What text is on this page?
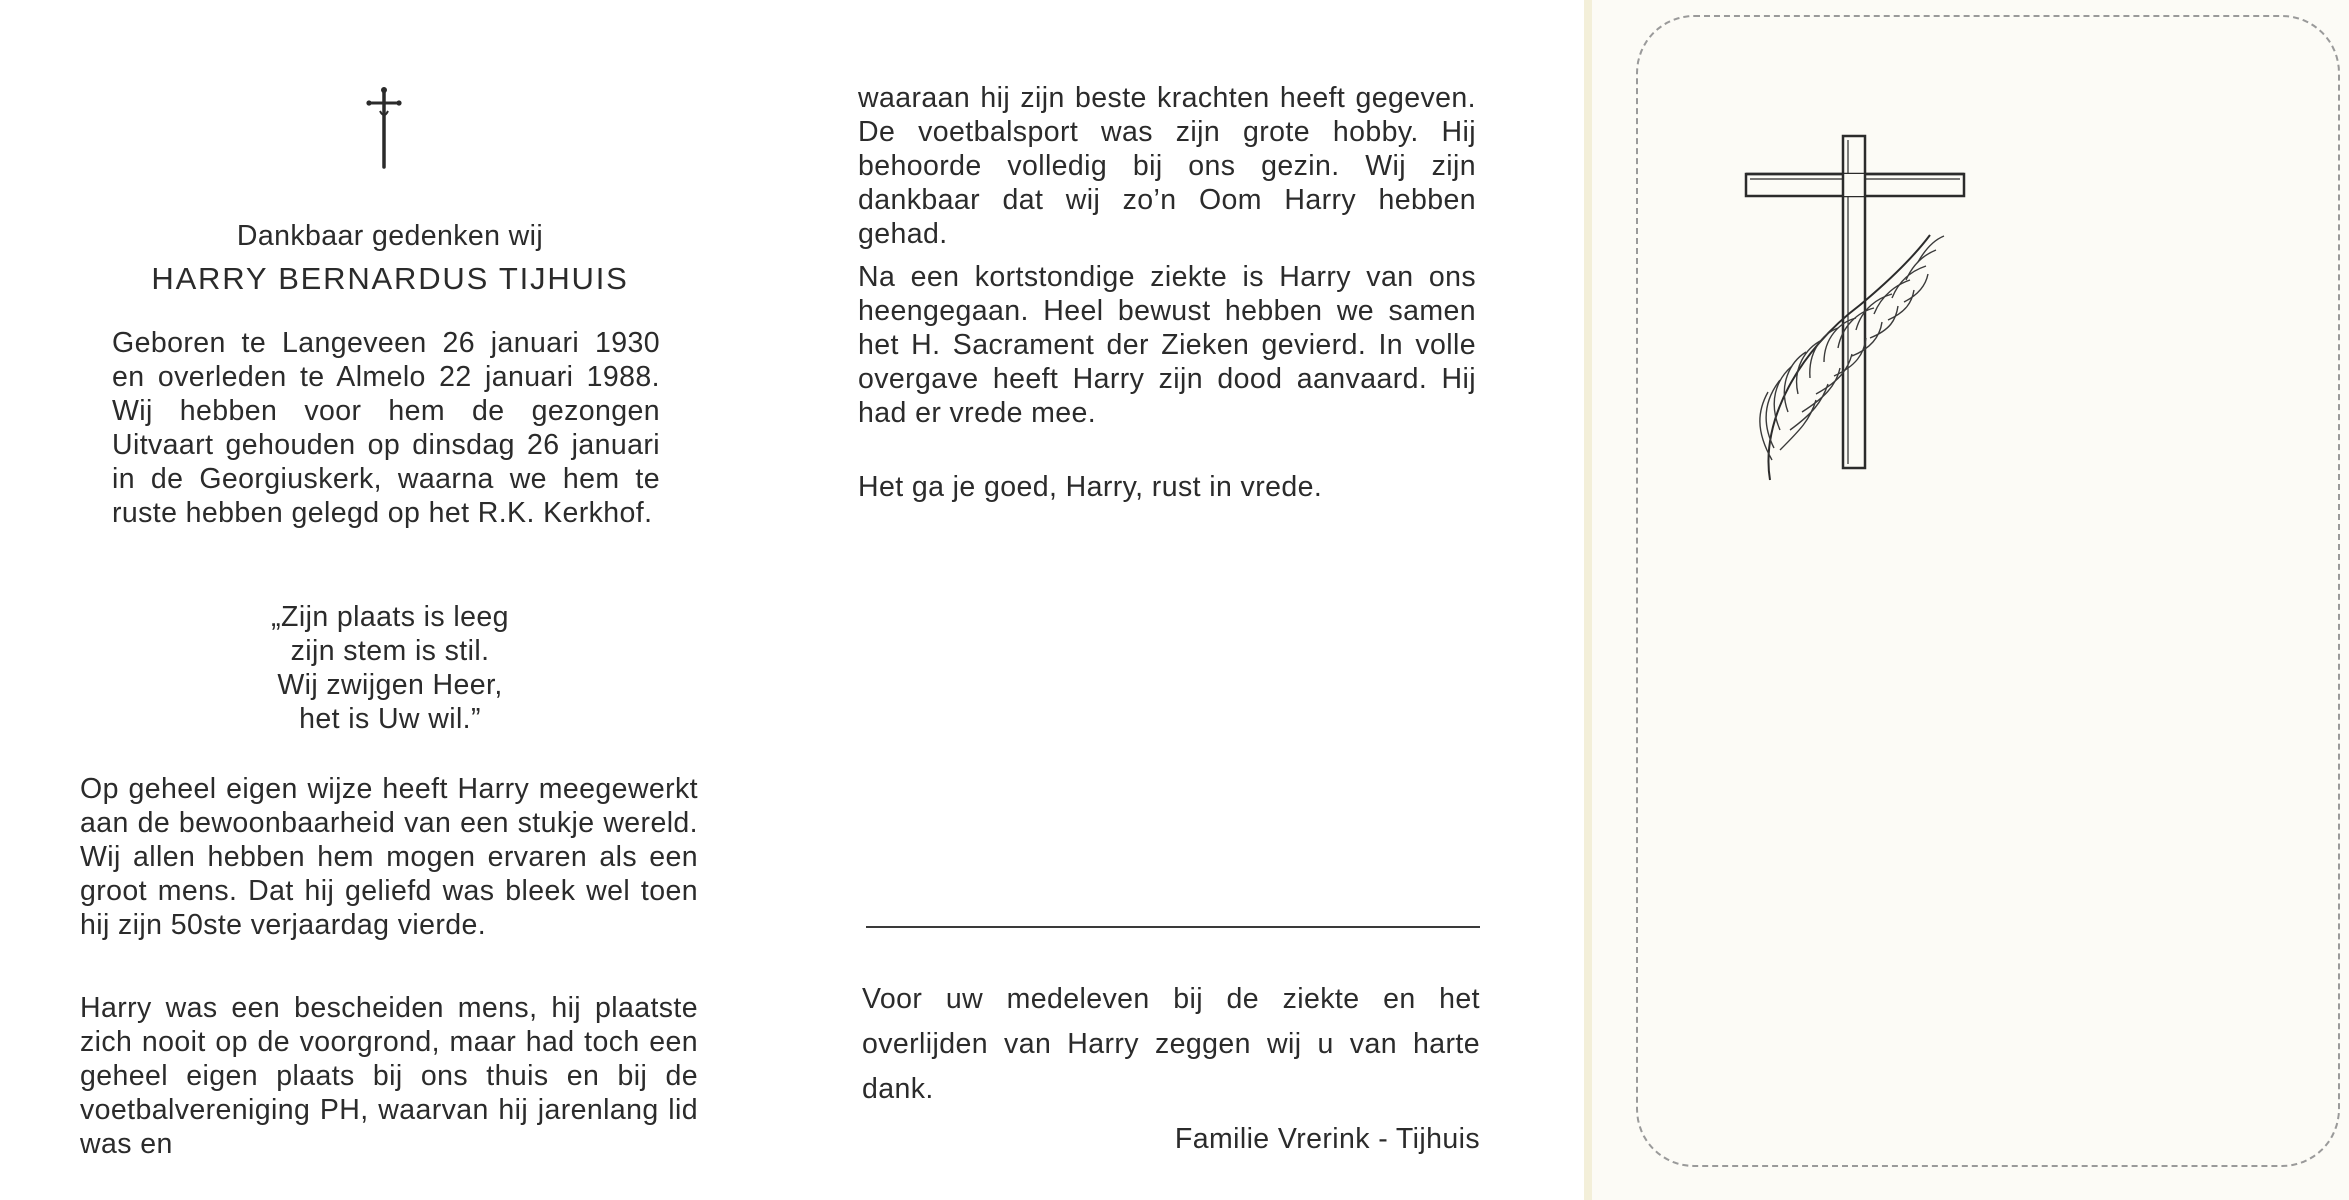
Dankbaar gedenken wij
HARRY BERNARDUS TIJHUIS
Geboren te Langeveen 26 januari 1930 en overleden te Almelo 22 januari 1988. Wij hebben voor hem de gezongen Uitvaart gehouden op dinsdag 26 januari in de Georgiuskerk, waarna we hem te ruste hebben gelegd op het R.K. Kerkhof.
„Zijn plaats is leeg
zijn stem is stil.
Wij zwijgen Heer,
het is Uw wil.”
Op geheel eigen wijze heeft Harry meegewerkt aan de bewoonbaarheid van een stukje wereld. Wij allen hebben hem mogen ervaren als een groot mens. Dat hij geliefd was bleek wel toen hij zijn 50ste verjaardag vierde.
Harry was een bescheiden mens, hij plaatste zich nooit op de voorgrond, maar had toch een geheel eigen plaats bij ons thuis en bij de voetbalvereniging PH, waarvan hij jarenlang lid was en
waaraan hij zijn beste krachten heeft gegeven. De voetbalsport was zijn grote hobby. Hij behoorde volledig bij ons gezin. Wij zijn dankbaar dat wij zo’n Oom Harry hebben gehad.
Na een kortstondige ziekte is Harry van ons heengegaan. Heel bewust hebben we samen het H. Sacrament der Zieken gevierd. In volle overgave heeft Harry zijn dood aanvaard. Hij had er vrede mee.
Het ga je goed, Harry, rust in vrede.
Voor uw medeleven bij de ziekte en het overlijden van Harry zeggen wij u van harte dank.
Familie Vrerink - Tijhuis
